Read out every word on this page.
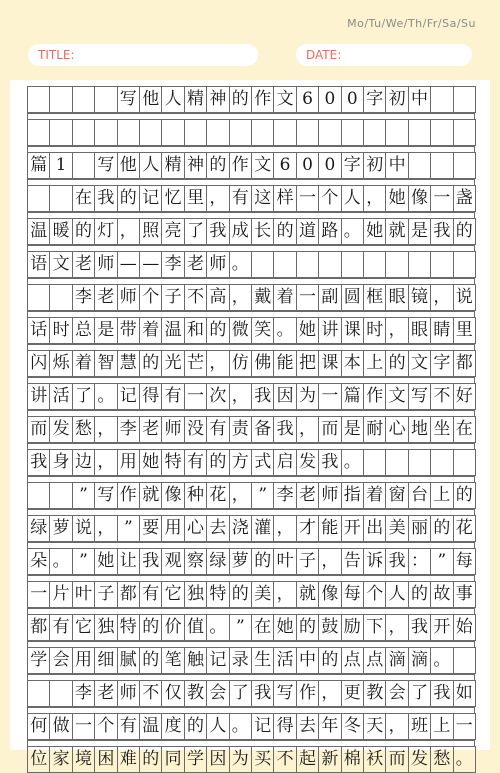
Mo/Tu/We/Th/Fr/Sa/Su
TITLE:	DATE:
写 他 人 精 神 的 作 文 6 0 0 字 初 中
篇 1	写 他 人 精 神 的 作 文 6 0 0 字 初 中
在 我 的 记 忆 里 ， 有 这 样 一 个 人 ， 她 像 一 盏
温 暖 的 灯 ， 照 亮 了 我 成 长 的 道 路 。 她 就 是 我 的
语 文 老 师 — — 李 老 师 。
李 老 师 个 子 不 高 ， 戴 着 一 副 圆 框 眼 镜 ， 说
话 时 总 是 带 着 温 和 的 微 笑 。 她 讲 课 时 ， 眼 睛 里
闪 烁 着 智 慧 的 光 芒 ， 仿 佛 能 把 课 本 上 的 文 字 都
讲 活 了 。 记 得 有 一 次 ， 我 因 为 一 篇 作 文 写 不 好
而 发 愁 ， 李 老 师 没 有 责 备 我 ， 而 是 耐 心 地 坐 在
我 身 边 ， 用 她 特 有 的 方 式 启 发 我 。
” 写 作 就 像 种 花 ， ” 李 老 师 指 着 窗 台 上 的
绿 萝 说 ， ” 要 用 心 去 浇 灌 ， 才 能 开 出 美 丽 的 花
朵 。 ” 她 让 我 观 察 绿 萝 的 叶 子 ， 告 诉 我 ： ” 每
一 片 叶 子 都 有 它 独 特 的 美 ， 就 像 每 个 人 的 故 事
都 有 它 独 特 的 价 值 。 ” 在 她 的 鼓 励 下 ， 我 开 始
学 会 用 细 腻 的 笔 触 记 录 生 活 中 的 点 点 滴 滴 。
李 老 师 不 仅 教 会 了 我 写 作 ， 更 教 会 了 我 如
何 做 一 个 有 温 度 的 人 。 记 得 去 年 冬 天 ， 班 上 一
位 家 境 困 难 的 同 学 因 为 买 不 起 新 棉 袄 而 发 愁 。
